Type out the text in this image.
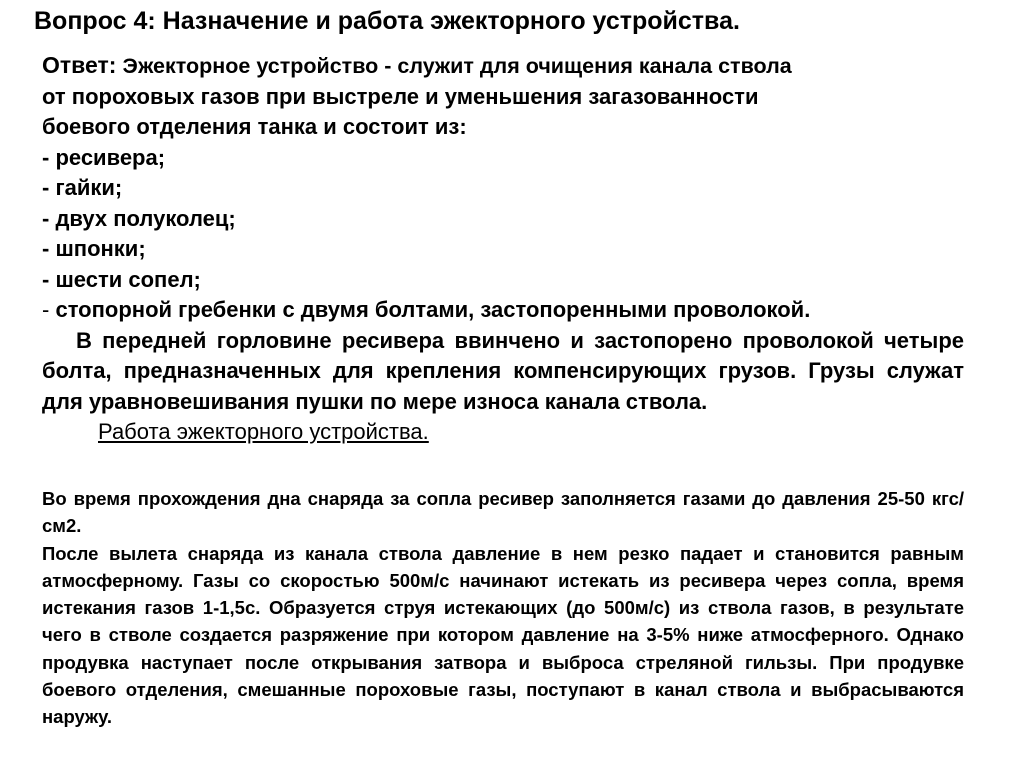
Вопрос 4: Назначение и работа эжекторного устройства.
Ответ: Эжекторное устройство - служит для очищения канала ствола
от пороховых газов при выстреле и уменьшения загазованности
боевого отделения танка и состоит из:
- ресивера;
- гайки;
- двух полуколец;
- шпонки;
- шести сопел;
- стопорной гребенки с двумя болтами, застопоренными проволокой.
В передней горловине ресивера ввинчено и застопорено проволокой четыре болта, предназначенных для крепления компенсирующих грузов. Грузы служат для уравновешивания пушки по мере износа канала ствола.
Работа эжекторного устройства.
Во время прохождения дна снаряда за сопла ресивер заполняется газами до давления 25-50 кгс/см2.
После вылета снаряда из канала ствола давление в нем резко падает и становится равным атмосферному. Газы со скоростью 500м/с начинают истекать из ресивера через сопла, время истекания газов 1-1,5с. Образуется струя истекающих (до 500м/с) из ствола газов, в результате чего в стволе создается разряжение при котором давление на 3-5% ниже атмосферного. Однако продувка наступает после открывания затвора и выброса стреляной гильзы. При продувке боевого отделения, смешанные пороховые газы, поступают в канал ствола и выбрасываются наружу.
